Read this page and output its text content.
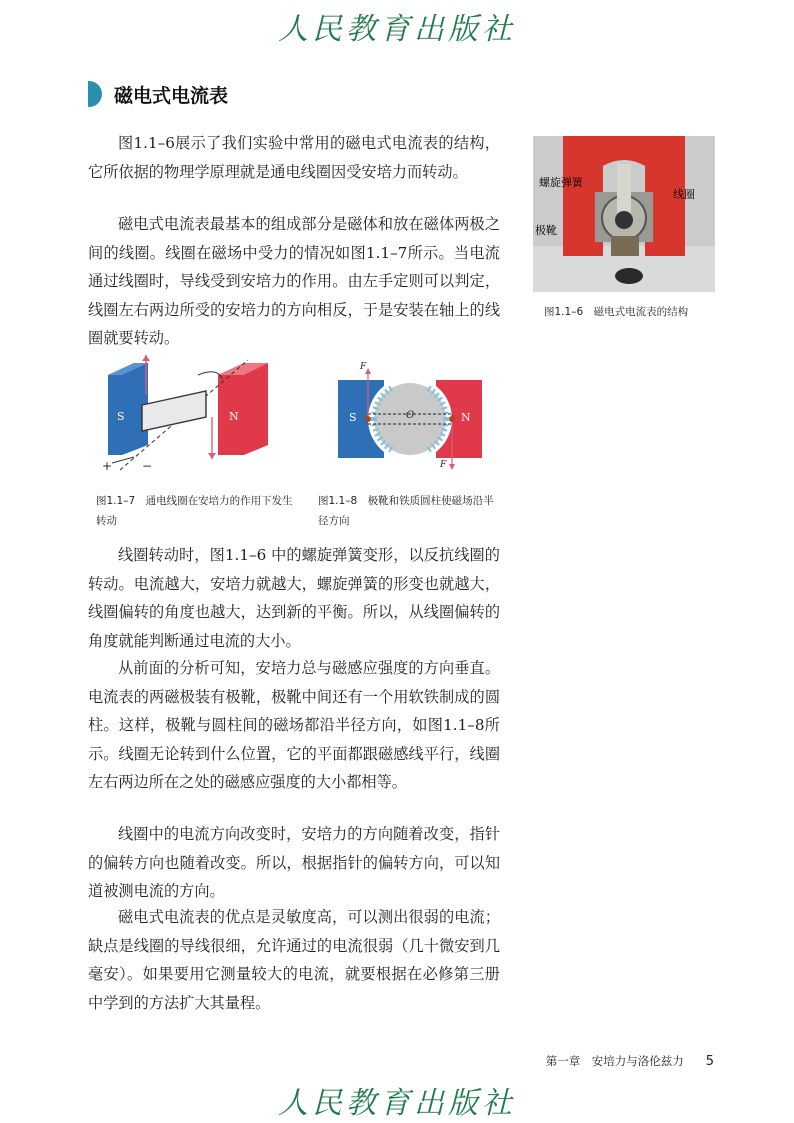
人民教育出版社
磁电式电流表

图1.1–6展示了我们实验中常用的磁电式电流表的结构，它所依据的物理学原理就是通电线圈因受安培力而转动。

磁电式电流表最基本的组成部分是磁体和放在磁体两极之间的线圈。线圈在磁场中受力的情况如图1.1–7所示。当电流通过线圈时，导线受到安培力的作用。由左手定则可以判定，线圈左右两边所受的安培力的方向相反，于是安装在轴上的线圈就要转动。

螺旋弹簧
线圈
极靴

图1.1–6　磁电式电流表的结构

S	N
+ −

图1.1–7　通电线圈在安培力的作用下发生转动

S	N
O
F
F

图1.1–8　极靴和铁质圆柱使磁场沿半径方向

线圈转动时，图1.1–6 中的螺旋弹簧变形，以反抗线圈的转动。电流越大，安培力就越大，螺旋弹簧的形变也就越大，线圈偏转的角度也越大，达到新的平衡。所以，从线圈偏转的角度就能判断通过电流的大小。

从前面的分析可知，安培力总与磁感应强度的方向垂直。电流表的两磁极装有极靴，极靴中间还有一个用软铁制成的圆柱。这样，极靴与圆柱间的磁场都沿半径方向，如图1.1–8所示。线圈无论转到什么位置，它的平面都跟磁感线平行，线圈左右两边所在之处的磁感应强度的大小都相等。

线圈中的电流方向改变时，安培力的方向随着改变，指针的偏转方向也随着改变。所以，根据指针的偏转方向，可以知道被测电流的方向。

磁电式电流表的优点是灵敏度高，可以测出很弱的电流；缺点是线圈的导线很细，允许通过的电流很弱（几十微安到几毫安）。如果要用它测量较大的电流，就要根据在必修第三册中学到的方法扩大其量程。

第一章　安培力与洛伦兹力 5
人民教育出版社
